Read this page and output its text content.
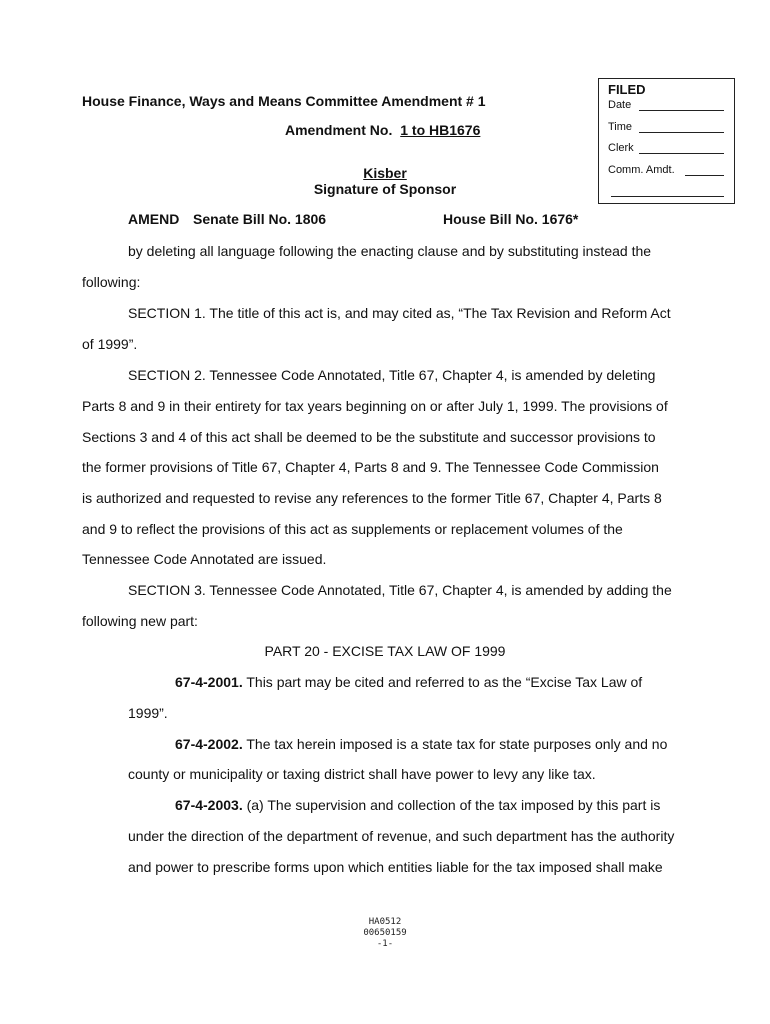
FILED
Date
Time
Clerk
Comm. Amdt.
House Finance, Ways and Means Committee Amendment # 1
Amendment No. 1 to HB1676
Kisber
Signature of Sponsor
AMEND Senate Bill No. 1806	House Bill No. 1676*
by deleting all language following the enacting clause and by substituting instead the
following:
SECTION 1. The title of this act is, and may cited as, “The Tax Revision and Reform Act
of 1999”.
SECTION 2. Tennessee Code Annotated, Title 67, Chapter 4, is amended by deleting
Parts 8 and 9 in their entirety for tax years beginning on or after July 1, 1999. The provisions of
Sections 3 and 4 of this act shall be deemed to be the substitute and successor provisions to
the former provisions of Title 67, Chapter 4, Parts 8 and 9. The Tennessee Code Commission
is authorized and requested to revise any references to the former Title 67, Chapter 4, Parts 8
and 9 to reflect the provisions of this act as supplements or replacement volumes of the
Tennessee Code Annotated are issued.
SECTION 3. Tennessee Code Annotated, Title 67, Chapter 4, is amended by adding the
following new part:
PART 20 - EXCISE TAX LAW OF 1999
67-4-2001. This part may be cited and referred to as the “Excise Tax Law of
1999”.
67-4-2002. The tax herein imposed is a state tax for state purposes only and no
county or municipality or taxing district shall have power to levy any like tax.
67-4-2003. (a) The supervision and collection of the tax imposed by this part is
under the direction of the department of revenue, and such department has the authority
and power to prescribe forms upon which entities liable for the tax imposed shall make
HA0512
00650159
-1-
